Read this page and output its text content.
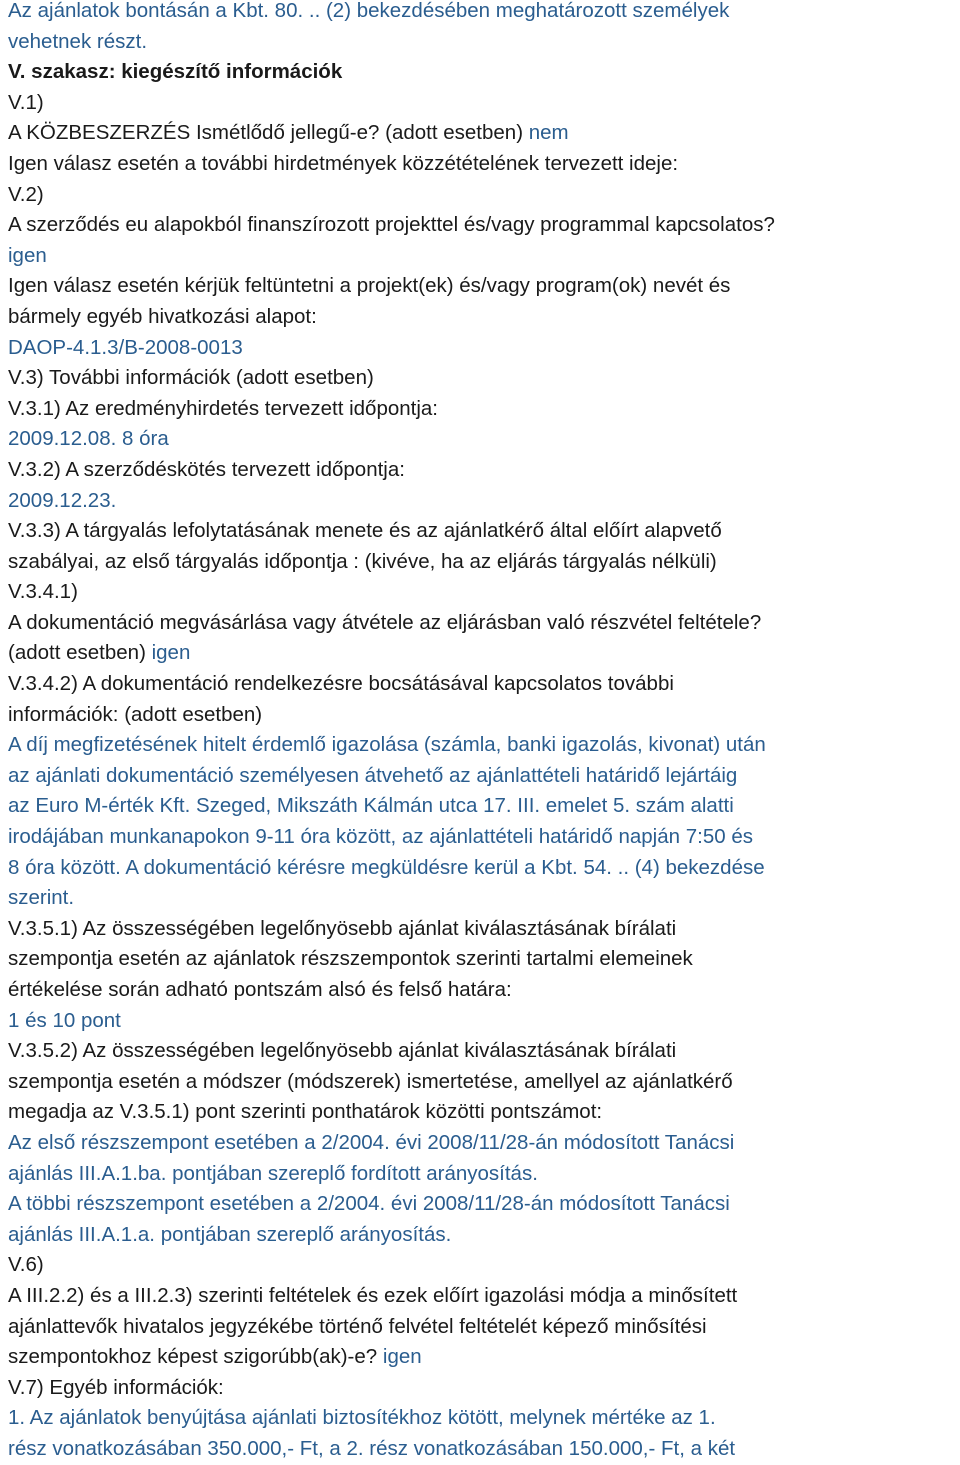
Az ajánlatok bontásán a Kbt. 80. .. (2) bekezdésében meghatározott személyek
vehetnek részt.
V. szakasz: kiegészítő információk
V.1)
A KÖZBESZERZÉS Ismétlődő jellegű-e? (adott esetben) nem
Igen válasz esetén a további hirdetmények közzétételének tervezett ideje:
V.2)
A szerződés eu alapokból finanszírozott projekttel és/vagy programmal kapcsolatos?
igen
Igen válasz esetén kérjük feltüntetni a projekt(ek) és/vagy program(ok) nevét és
bármely egyéb hivatkozási alapot:
DAOP-4.1.3/B-2008-0013
V.3) További információk (adott esetben)
V.3.1) Az eredményhirdetés tervezett időpontja:
2009.12.08. 8 óra
V.3.2) A szerződéskötés tervezett időpontja:
2009.12.23.
V.3.3) A tárgyalás lefolytatásának menete és az ajánlatkérő által előírt alapvető
szabályai, az első tárgyalás időpontja : (kivéve, ha az eljárás tárgyalás nélküli)
V.3.4.1)
A dokumentáció megvásárlása vagy átvétele az eljárásban való részvétel feltétele?
(adott esetben) igen
V.3.4.2) A dokumentáció rendelkezésre bocsátásával kapcsolatos további
információk: (adott esetben)
A díj megfizetésének hitelt érdemlő igazolása (számla, banki igazolás, kivonat) után
az ajánlati dokumentáció személyesen átvehető az ajánlattételi határidő lejártáig
az Euro M-érték Kft. Szeged, Mikszáth Kálmán utca 17. III. emelet 5. szám alatti
irodájában munkanapokon 9-11 óra között, az ajánlattételi határidő napján 7:50 és
8 óra között. A dokumentáció kérésre megküldésre kerül a Kbt. 54. .. (4) bekezdése
szerint.
V.3.5.1) Az összességében legelőnyösebb ajánlat kiválasztásának bírálati
szempontja esetén az ajánlatok részszempontok szerinti tartalmi elemeinek
értékelése során adható pontszám alsó és felső határa:
1 és 10 pont
V.3.5.2) Az összességében legelőnyösebb ajánlat kiválasztásának bírálati
szempontja esetén a módszer (módszerek) ismertetése, amellyel az ajánlatkérő
megadja az V.3.5.1) pont szerinti ponthatárok közötti pontszámot:
Az első részszempont esetében a 2/2004. évi 2008/11/28-án módosított Tanácsi
ajánlás III.A.1.ba. pontjában szereplő fordított arányosítás.
A többi részszempont esetében a 2/2004. évi 2008/11/28-án módosított Tanácsi
ajánlás III.A.1.a. pontjában szereplő arányosítás.
V.6)
A III.2.2) és a III.2.3) szerinti feltételek és ezek előírt igazolási módja a minősített
ajánlattevők hivatalos jegyzékébe történő felvétel feltételét képező minősítési
szempontokhoz képest szigorúbb(ak)-e? igen
V.7) Egyéb információk:
1. Az ajánlatok benyújtása ajánlati biztosítékhoz kötött, melynek mértéke az 1.
rész vonatkozásában 350.000,- Ft, a 2. rész vonatkozásában 150.000,- Ft, a két
